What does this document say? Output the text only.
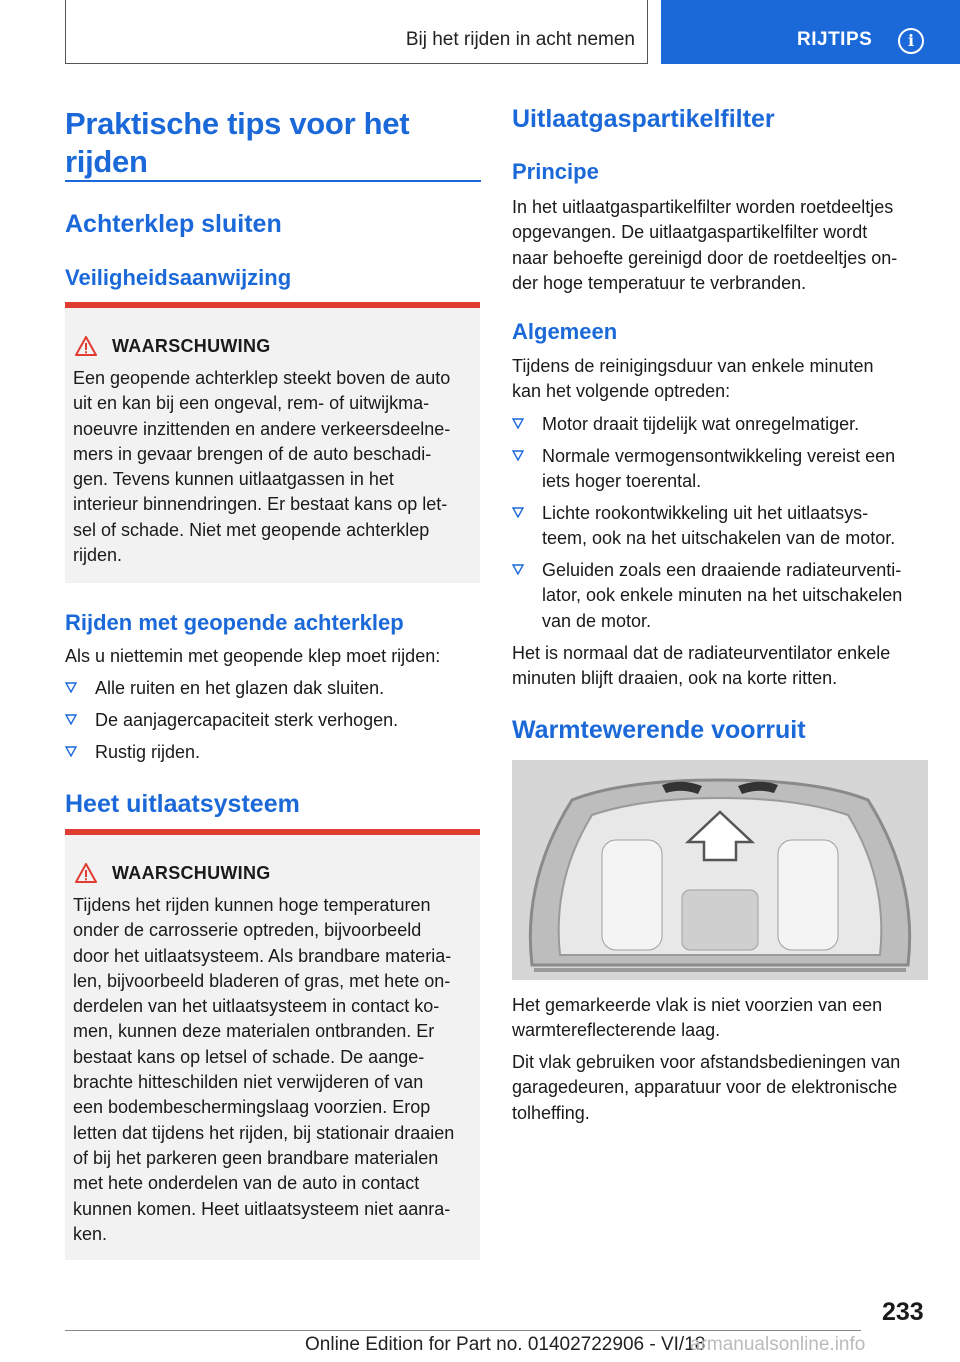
Bij het rijden in acht nemen	RIJTIPS	i
Praktische tips voor het
rijden
Achterklep sluiten
Veiligheidsaanwijzing
WAARSCHUWING

Een geopende achterklep steekt boven de auto

uit en kan bij een ongeval, rem- of uitwijkma-

noeuvre inzittenden en andere verkeersdeelne-

mers in gevaar brengen of de auto beschadi-

gen. Tevens kunnen uitlaatgassen in het

interieur binnendringen. Er bestaat kans op let-

sel of schade. Niet met geopende achterklep

rijden.

Rijden met geopende achterklep

Als u niettemin met geopende klep moet rijden:

Alle ruiten en het glazen dak sluiten.
De aanjagercapaciteit sterk verhogen.
Rustig rijden.
Heet uitlaatsysteem
WAARSCHUWING

Tijdens het rijden kunnen hoge temperaturen

onder de carrosserie optreden, bijvoorbeeld

door het uitlaatsysteem. Als brandbare materia-

len, bijvoorbeeld bladeren of gras, met hete on-

derdelen van het uitlaatsysteem in contact ko-

men, kunnen deze materialen ontbranden. Er

bestaat kans op letsel of schade. De aange-

brachte hitteschilden niet verwijderen of van

een bodembeschermingslaag voorzien. Erop

letten dat tijdens het rijden, bij stationair draaien

of bij het parkeren geen brandbare materialen

met hete onderdelen van de auto in contact

kunnen komen. Heet uitlaatsysteem niet aanra-

ken.

Uitlaatgaspartikelfilter
Principe

In het uitlaatgaspartikelfilter worden roetdeeltjes

opgevangen. De uitlaatgaspartikelfilter wordt

naar behoefte gereinigd door de roetdeeltjes on-

der hoge temperatuur te verbranden.

Algemeen

Tijdens de reinigingsduur van enkele minuten

kan het volgende optreden:

Motor draait tijdelijk wat onregelmatiger.

Normale vermogensontwikkeling vereist een

iets hoger toerental.

Lichte rookontwikkeling uit het uitlaatsys-

teem, ook na het uitschakelen van de motor.

Geluiden zoals een draaiende radiateurventi-

lator, ook enkele minuten na het uitschakelen

van de motor.

Het is normaal dat de radiateurventilator enkele

minuten blijft draaien, ook na korte ritten.

Warmtewerende voorruit

Het gemarkeerde vlak is niet voorzien van een

warmtereflecterende laag.

Dit vlak gebruiken voor afstandsbedieningen van

garagedeuren, apparatuur voor de elektronische

tolheffing.

233
Online Edition for Part no. 01402722906 - VI/18
armanualsonline.info
